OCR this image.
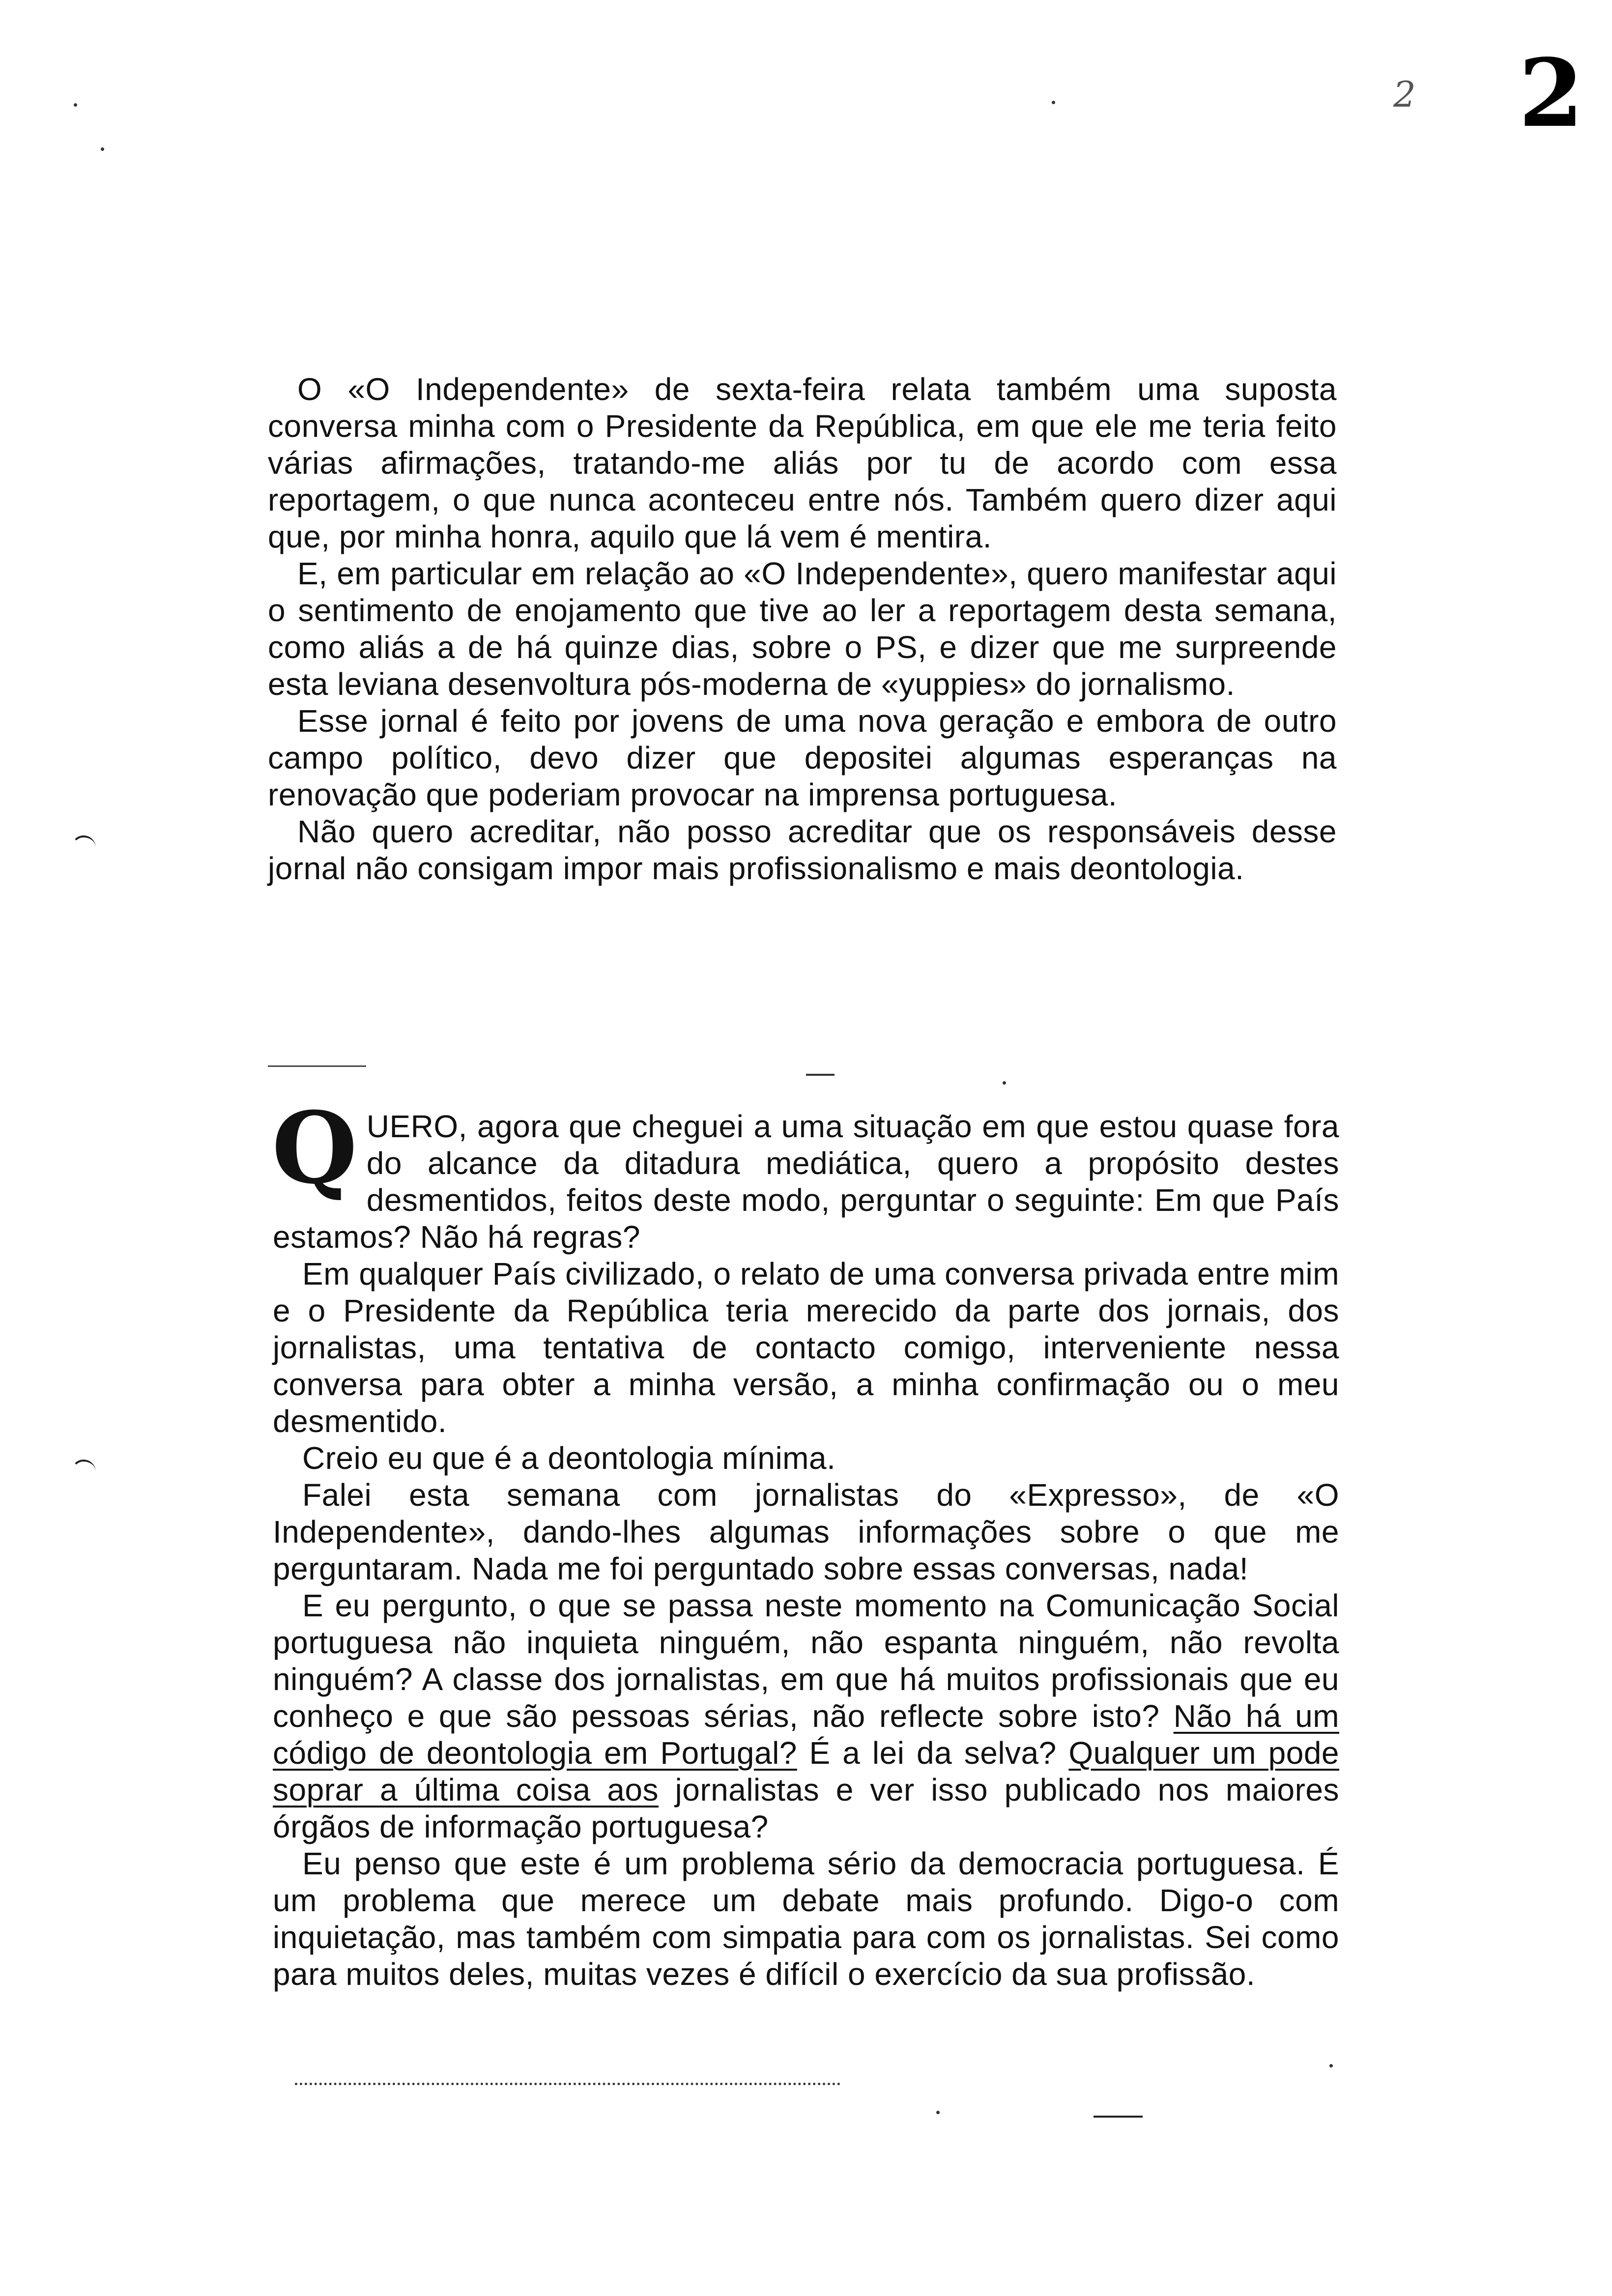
2 2

O «O Independente» de sexta-feira relata também uma suposta conversa minha com o Presidente da República, em que ele me teria feito várias afirmações, tratando-me aliás por tu de acordo com essa reportagem, o que nunca aconteceu entre nós. Também quero dizer aqui que, por minha honra, aquilo que lá vem é mentira.

E, em particular em relação ao «O Independente», quero manifestar aqui o sentimento de enojamento que tive ao ler a reportagem desta semana, como aliás a de há quinze dias, sobre o PS, e dizer que me surpreende esta leviana desenvoltura pós-moderna de «yuppies» do jornalismo.

Esse jornal é feito por jovens de uma nova geração e embora de outro campo político, devo dizer que depositei algumas esperanças na renovação que poderiam provocar na imprensa portuguesa.

Não quero acreditar, não posso acreditar que os responsáveis desse jornal não consigam impor mais profissionalismo e mais deontologia.

QUERO, agora que cheguei a uma situação em que estou quase fora do alcance da ditadura mediática, quero a propósito destes desmentidos, feitos deste modo, perguntar o seguinte: Em que País estamos? Não há regras?

Em qualquer País civilizado, o relato de uma conversa privada entre mim e o Presidente da República teria merecido da parte dos jornais, dos jornalistas, uma tentativa de contacto comigo, interveniente nessa conversa para obter a minha versão, a minha confirmação ou o meu desmentido.

Creio eu que é a deontologia mínima.

Falei esta semana com jornalistas do «Expresso», de «O Independente», dando-lhes algumas informações sobre o que me perguntaram. Nada me foi perguntado sobre essas conversas, nada!

E eu pergunto, o que se passa neste momento na Comunicação Social portuguesa não inquieta ninguém, não espanta ninguém, não revolta ninguém? A classe dos jornalistas, em que há muitos profissionais que eu conheço e que são pessoas sérias, não reflecte sobre isto? Não há um código de deontologia em Portugal? É a lei da selva? Qualquer um pode soprar a última coisa aos jornalistas e ver isso publicado nos maiores órgãos de informação portuguesa?

Eu penso que este é um problema sério da democracia portuguesa. É um problema que merece um debate mais profundo. Digo-o com inquietação, mas também com simpatia para com os jornalistas. Sei como para muitos deles, muitas vezes é difícil o exercício da sua profissão.
